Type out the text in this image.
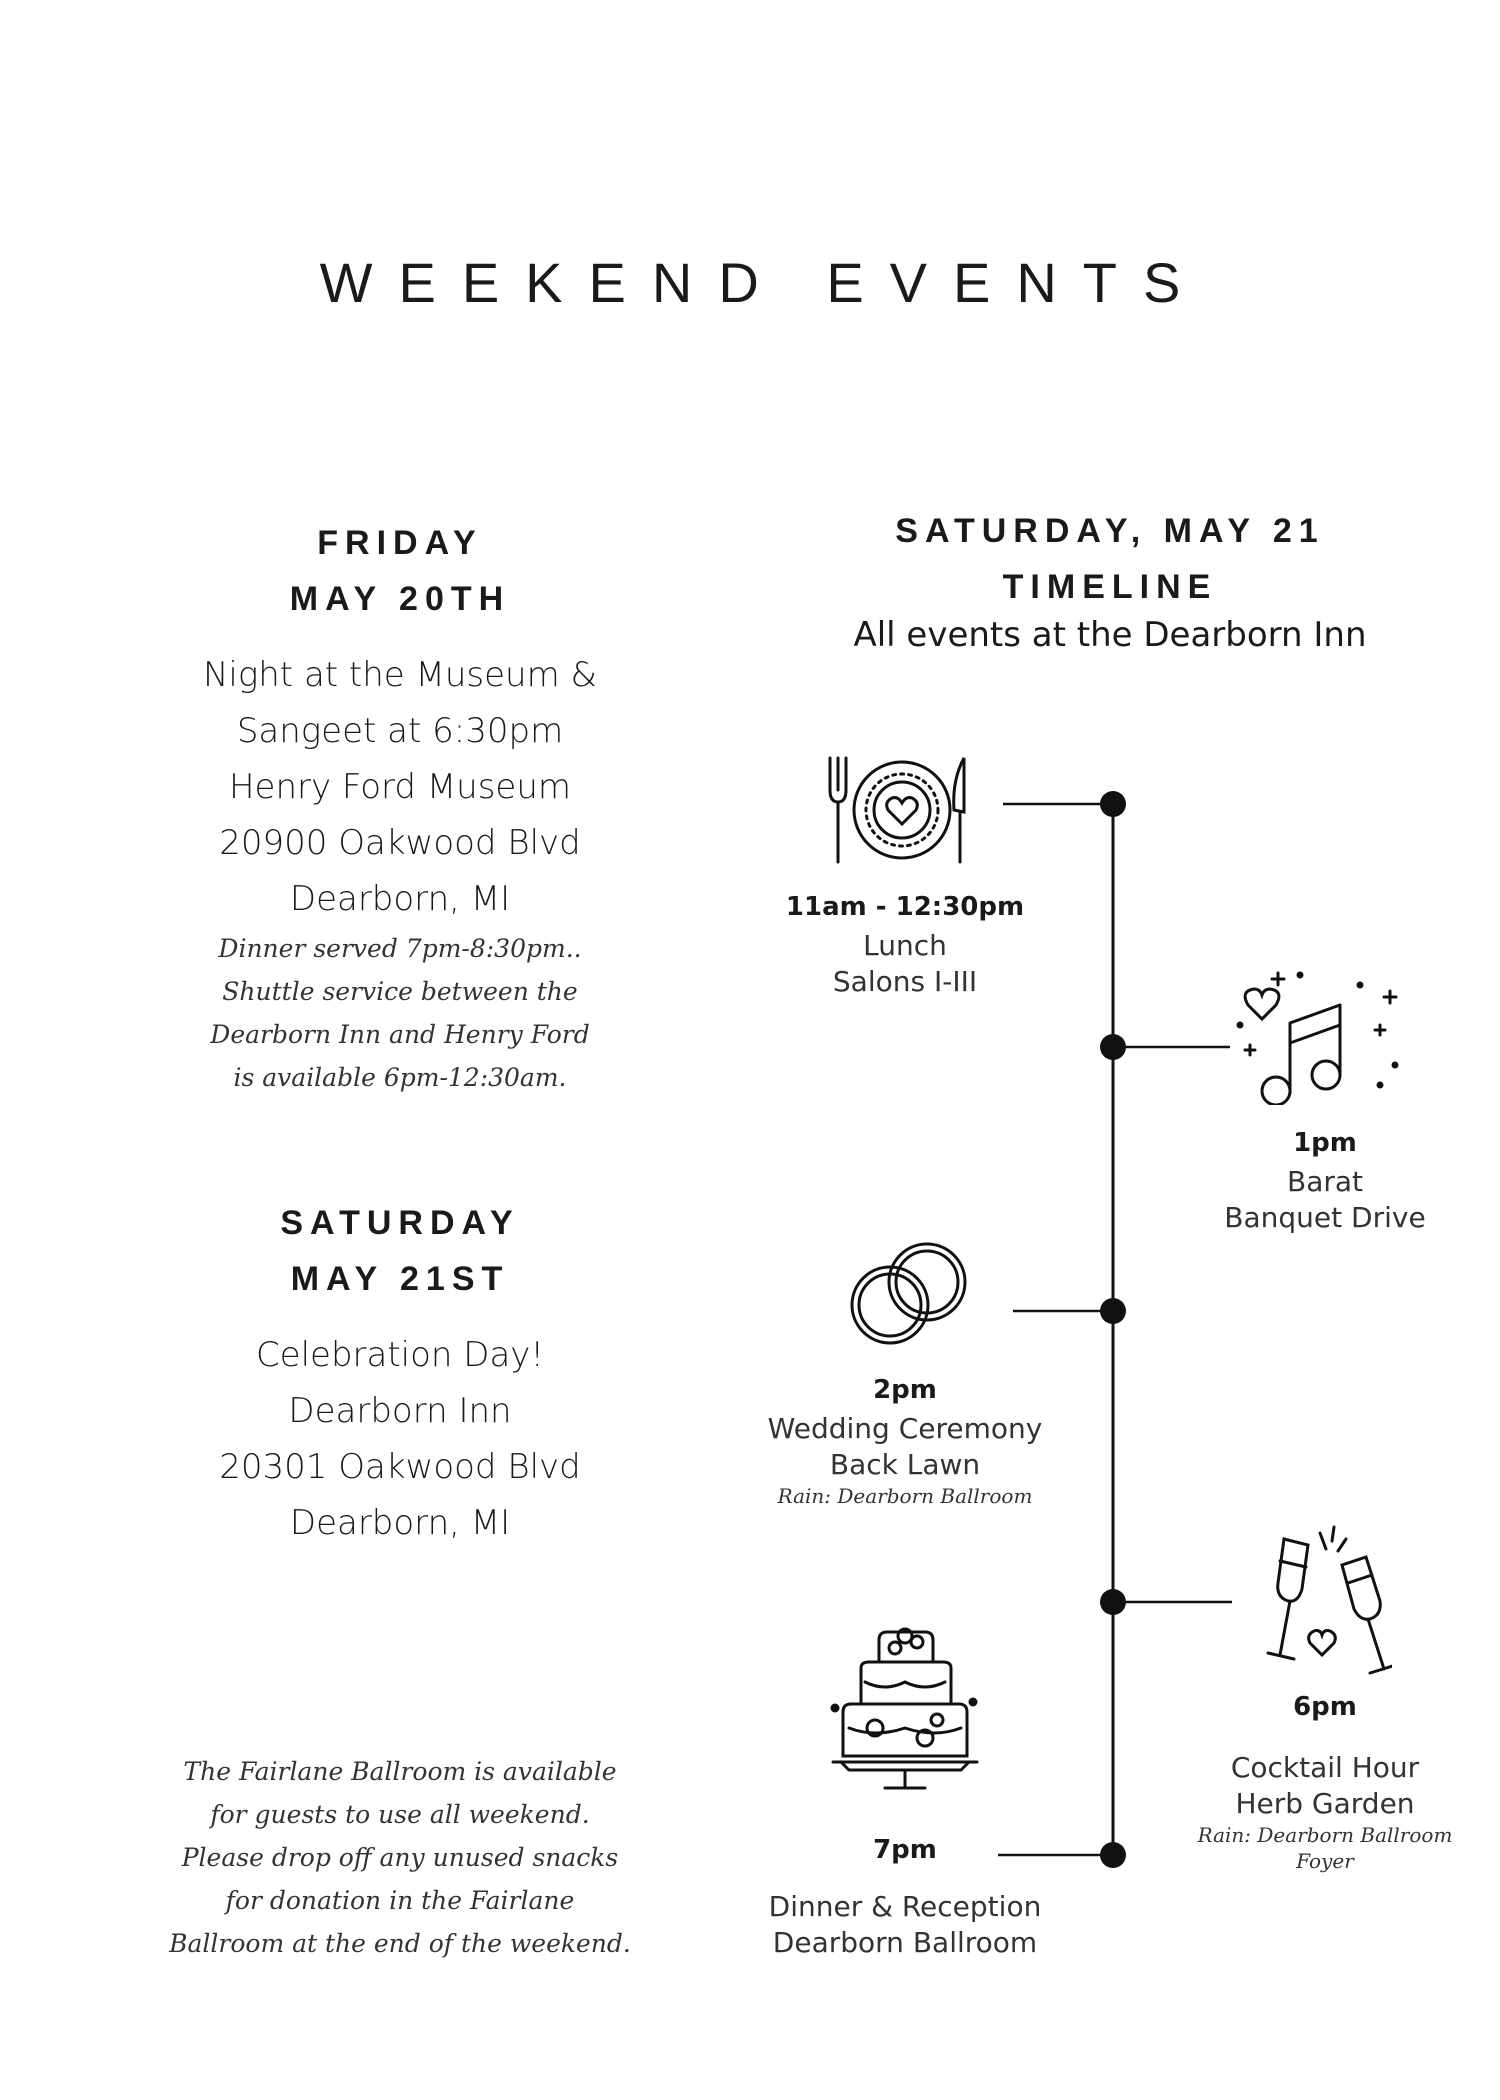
WEEKEND EVENTS
FRIDAY
MAY 20TH
Night at the Museum &
Sangeet at 6:30pm
Henry Ford Museum
20900 Oakwood Blvd
Dearborn, MI
Dinner served 7pm-8:30pm..
Shuttle service between the
Dearborn Inn and Henry Ford
is available 6pm-12:30am.
SATURDAY
MAY 21ST
Celebration Day!
Dearborn Inn
20301 Oakwood Blvd
Dearborn, MI
The Fairlane Ballroom is available
for guests to use all weekend.
Please drop off any unused snacks
for donation in the Fairlane
Ballroom at the end of the weekend.
SATURDAY, MAY 21
TIMELINE
All events at the Dearborn Inn
11am - 12:30pm
Lunch
Salons I-III
1pm
Barat
Banquet Drive
2pm
Wedding Ceremony
Back Lawn
Rain: Dearborn Ballroom
6pm
Cocktail Hour
Herb Garden
Rain: Dearborn Ballroom
Foyer
7pm
Dinner & Reception
Dearborn Ballroom
